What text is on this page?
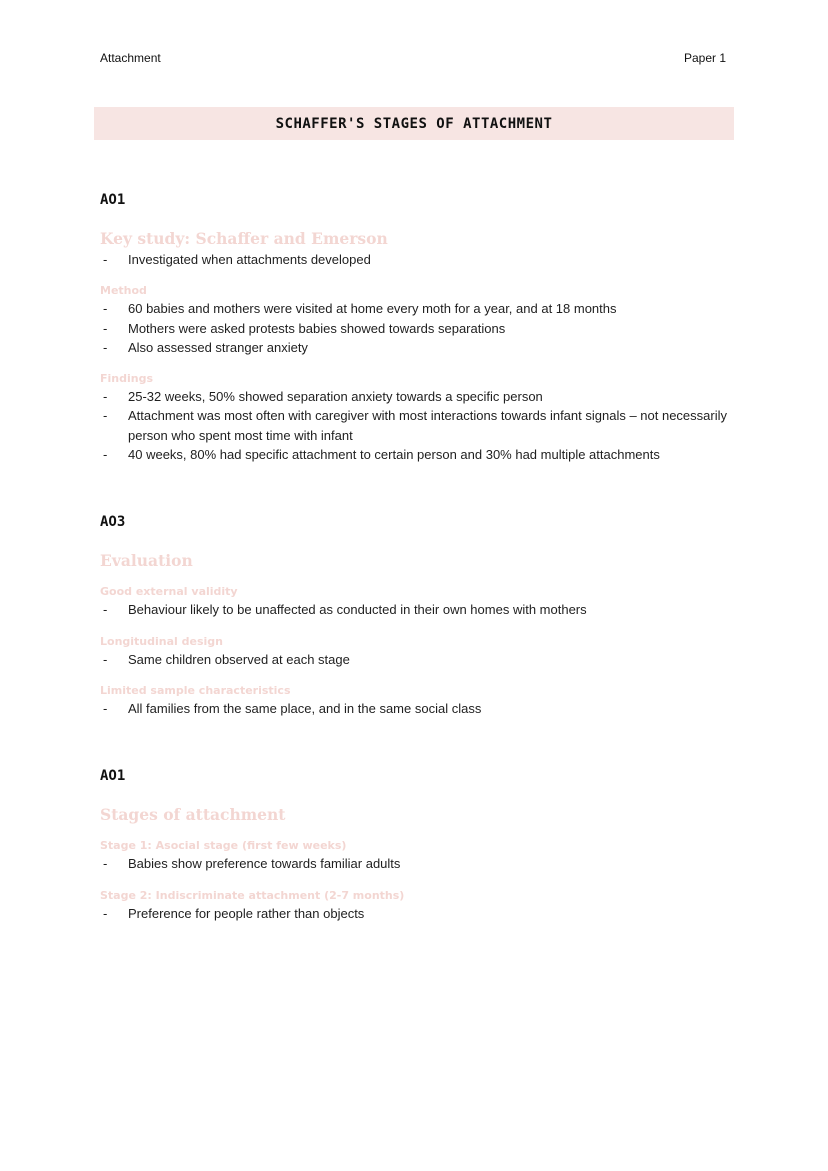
Attachment	Paper 1
SCHAFFER'S STAGES OF ATTACHMENT
AO1
Key study: Schaffer and Emerson
- Investigated when attachments developed
Method
- 60 babies and mothers were visited at home every moth for a year, and at 18 months
- Mothers were asked protests babies showed towards separations
- Also assessed stranger anxiety
Findings
- 25-32 weeks, 50% showed separation anxiety towards a specific person
- Attachment was most often with caregiver with most interactions towards infant signals – not necessarily person who spent most time with infant
- 40 weeks, 80% had specific attachment to certain person and 30% had multiple attachments
AO3
Evaluation
Good external validity
- Behaviour likely to be unaffected as conducted in their own homes with mothers
Longitudinal design
- Same children observed at each stage
Limited sample characteristics
- All families from the same place, and in the same social class
AO1
Stages of attachment
Stage 1: Asocial stage (first few weeks)
- Babies show preference towards familiar adults
Stage 2: Indiscriminate attachment (2-7 months)
- Preference for people rather than objects
